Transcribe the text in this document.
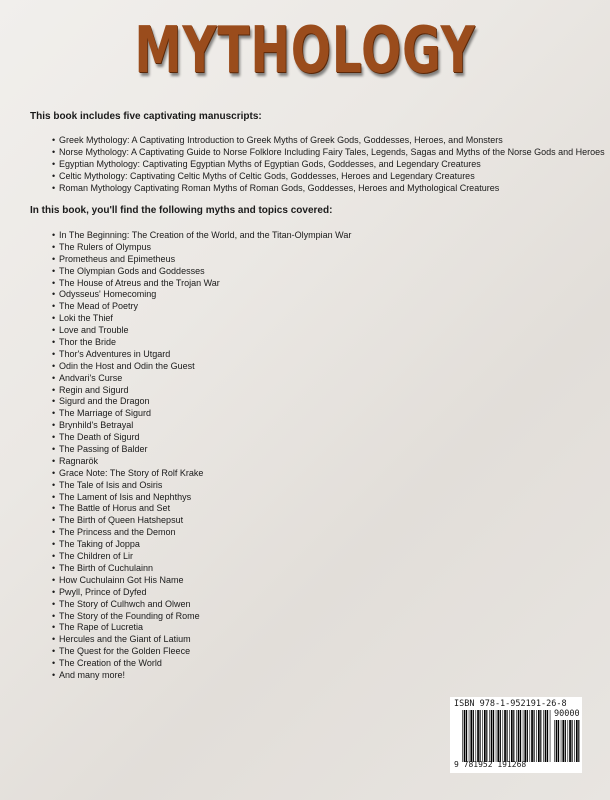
MYTHOLOGY
This book includes five captivating manuscripts:
• Greek Mythology: A Captivating Introduction to Greek Myths of Greek Gods, Goddesses, Heroes, and Monsters
• Norse Mythology: A Captivating Guide to Norse Folklore Including Fairy Tales, Legends, Sagas and Myths of the Norse Gods and Heroes
• Egyptian Mythology: Captivating Egyptian Myths of Egyptian Gods, Goddesses, and Legendary Creatures
• Celtic Mythology: Captivating Celtic Myths of Celtic Gods, Goddesses, Heroes and Legendary Creatures
• Roman Mythology Captivating Roman Myths of Roman Gods, Goddesses, Heroes and Mythological Creatures
In this book, you'll find the following myths and topics covered:
• In The Beginning: The Creation of the World, and the Titan-Olympian War
• The Rulers of Olympus
• Prometheus and Epimetheus
• The Olympian Gods and Goddesses
• The House of Atreus and the Trojan War
• Odysseus' Homecoming
• The Mead of Poetry
• Loki the Thief
• Love and Trouble
• Thor the Bride
• Thor's Adventures in Utgard
• Odin the Host and Odin the Guest
• Andvari's Curse
• Regin and Sigurd
• Sigurd and the Dragon
• The Marriage of Sigurd
• Brynhild's Betrayal
• The Death of Sigurd
• The Passing of Balder
• Ragnarök
• Grace Note: The Story of Rolf Krake
• The Tale of Isis and Osiris
• The Lament of Isis and Nephthys
• The Battle of Horus and Set
• The Birth of Queen Hatshepsut
• The Princess and the Demon
• The Taking of Joppa
• The Children of Lir
• The Birth of Cuchulainn
• How Cuchulainn Got His Name
• Pwyll, Prince of Dyfed
• The Story of Culhwch and Olwen
• The Story of the Founding of Rome
• The Rape of Lucretia
• Hercules and the Giant of Latium
• The Quest for the Golden Fleece
• The Creation of the World
• And many more!
ISBN 978-1-952191-26-8
90000
9 781952 191268
